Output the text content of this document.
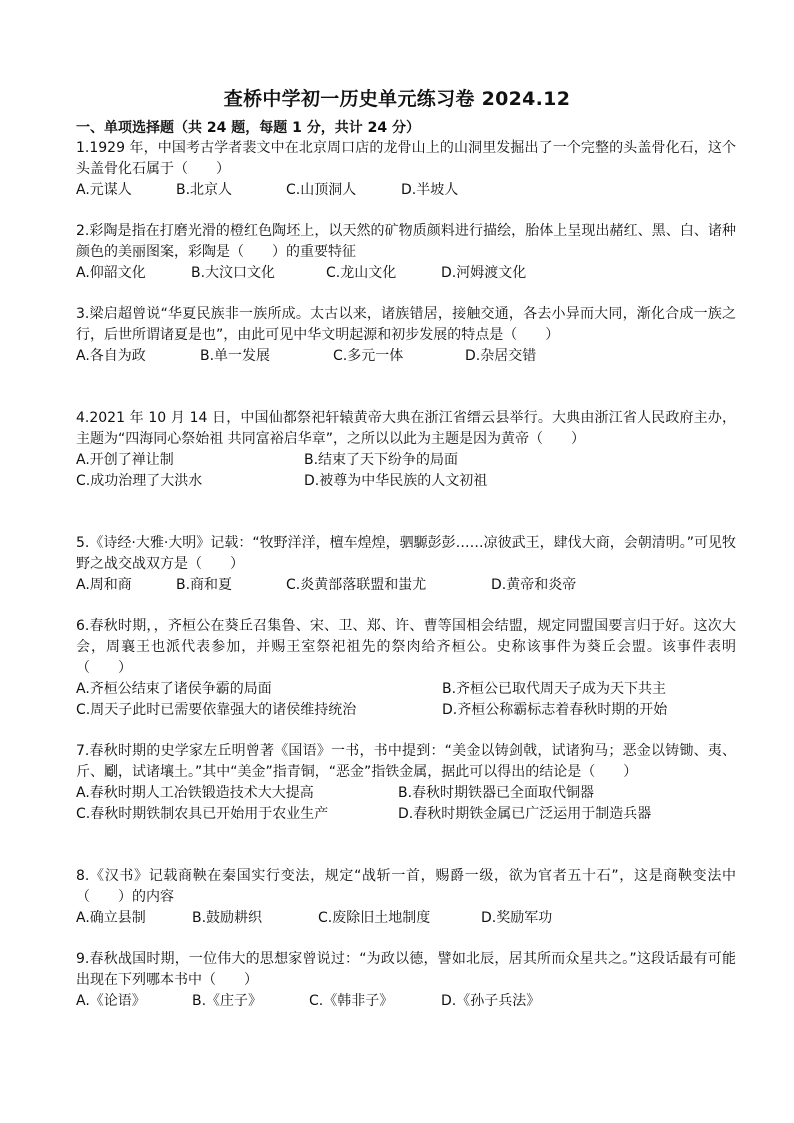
查桥中学初一历史单元练习卷 2024.12
一、单项选择题（共 24 题，每题 1 分，共计 24 分）
1.1929 年，中国考古学者裴文中在北京周口店的龙骨山上的山洞里发掘出了一个完整的头盖骨化石，这个头盖骨化石属于（　　）
A.元谋人	B.北京人	C.山顶洞人	D.半坡人
2.彩陶是指在打磨光滑的橙红色陶坯上，以天然的矿物质颜料进行描绘，胎体上呈现出赭红、黑、白、诸种颜色的美丽图案，彩陶是（　　）的重要特征
A.仰韶文化	B.大汶口文化	C.龙山文化	D.河姆渡文化
3.梁启超曾说“华夏民族非一族所成。太古以来，诸族错居，接触交通，各去小异而大同，渐化合成一族之行，后世所谓诸夏是也”，由此可见中华文明起源和初步发展的特点是（　　）
A.各自为政	B.单一发展	C.多元一体	D.杂居交错
4.2021 年 10 月 14 日，中国仙都祭祀轩辕黄帝大典在浙江省缙云县举行。大典由浙江省人民政府主办，主题为“四海同心祭始祖 共同富裕启华章”，之所以以此为主题是因为黄帝（　　）
A.开创了禅让制	B.结束了天下纷争的局面
C.成功治理了大洪水	D.被尊为中华民族的人文初祖
5.《诗经·大雅·大明》记载：“牧野洋洋，檀车煌煌，驷騵彭彭……凉彼武王，肆伐大商，会朝清明。”可见牧野之战交战双方是（　　）
A.周和商	B.商和夏	C.炎黄部落联盟和蚩尤	D.黄帝和炎帝
6.春秋时期，，齐桓公在葵丘召集鲁、宋、卫、郑、许、曹等国相会结盟，规定同盟国要言归于好。这次大会，周襄王也派代表参加，并赐王室祭祀祖先的祭肉给齐桓公。史称该事件为葵丘会盟。该事件表明（　　）
A.齐桓公结束了诸侯争霸的局面	B.齐桓公已取代周天子成为天下共主
C.周天子此时已需要依靠强大的诸侯维持统治	D.齐桓公称霸标志着春秋时期的开始
7.春秋时期的史学家左丘明曾著《国语》一书，书中提到：“美金以铸剑戟，试诸狗马；恶金以铸锄、夷、斤、劚，试诸壤土。”其中“美金”指青铜，“恶金”指铁金属，据此可以得出的结论是（　　）
A.春秋时期人工冶铁锻造技术大大提高	B.春秋时期铁器已全面取代铜器
C.春秋时期铁制农具已开始用于农业生产	D.春秋时期铁金属已广泛运用于制造兵器
8.《汉书》记载商鞅在秦国实行变法，规定“战斩一首，赐爵一级，欲为官者五十石”，这是商鞅变法中（　　）的内容
A.确立县制	B.鼓励耕织	C.废除旧土地制度	D.奖励军功
9.春秋战国时期，一位伟大的思想家曾说过：“为政以德，譬如北辰，居其所而众星共之。”这段话最有可能出现在下列哪本书中（　　）
A.《论语》	B.《庄子》	C.《韩非子》	D.《孙子兵法》
